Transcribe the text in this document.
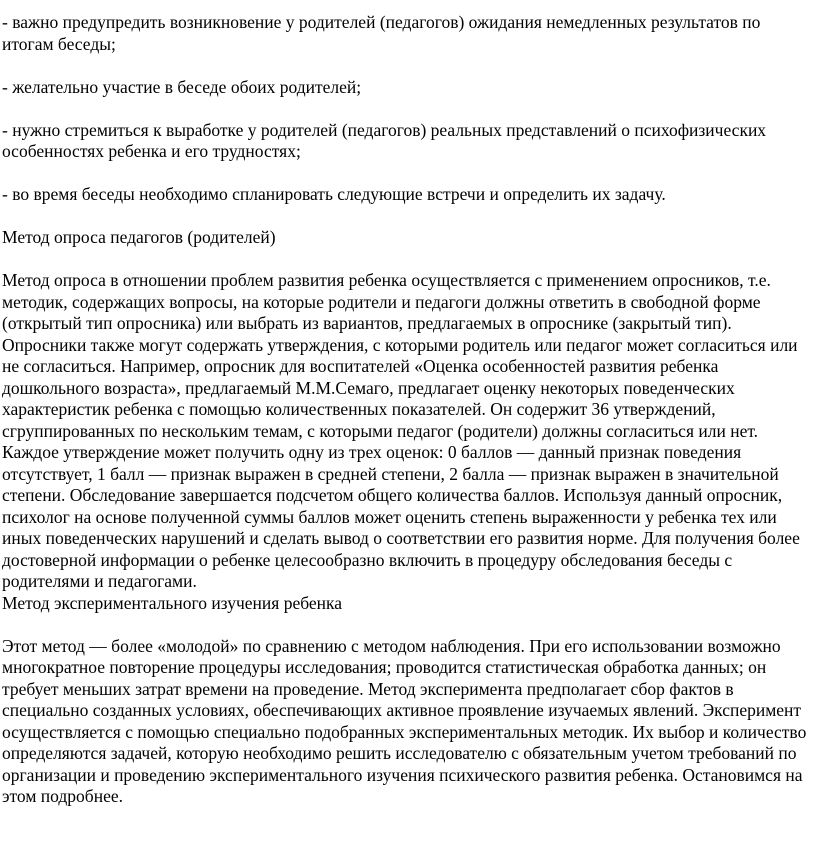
- важно предупредить возникновение у родителей (педагогов) ожидания немедленных результатов по итогам беседы;

- желательно участие в беседе обоих родителей;

- нужно стремиться к выработке у родителей (педагогов) реальных представлений о психофизических особенностях ребенка и его трудностях;

- во время беседы необходимо спланировать следующие встречи и определить их задачу.

Метод опроса педагогов (родителей)

Метод опроса в отношении проблем развития ребенка осуществляется с применением опросников, т.е. методик, содержащих вопросы, на которые родители и педагоги должны ответить в свободной форме (открытый тип опросника) или выбрать из вариантов, предлагаемых в опроснике (закрытый тип). Опросники также могут содержать утверждения, с которыми родитель или педагог может согласиться или не согласиться. Например, опросник для воспитателей «Оценка особенностей развития ребенка дошкольного возраста», предлагаемый М.М.Семаго, предлагает оценку некоторых поведенческих характеристик ребенка с помощью количественных показателей. Он содержит 36 утверждений, сгруппированных по нескольким темам, с которыми педагог (родители) должны согласиться или нет. Каждое утверждение может получить одну из трех оценок: 0 баллов — данный признак поведения отсутствует, 1 балл — признак выражен в средней степени, 2 балла — признак выражен в значительной степени. Обследование завершается подсчетом общего количества баллов. Используя данный опросник, психолог на основе полученной суммы баллов может оценить степень выраженности у ребенка тех или иных поведенческих нарушений и сделать вывод о соответствии его развития норме. Для получения более достоверной информации о ребенке целесообразно включить в процедуру обследования беседы с родителями и педагогами.

Метод экспериментального изучения ребенка

Этот метод — более «молодой» по сравнению с методом наблюдения. При его использовании возможно многократное повторение процедуры исследования; проводится статистическая обработка данных; он требует меньших затрат времени на проведение. Метод эксперимента предполагает сбор фактов в специально созданных условиях, обеспечивающих активное проявление изучаемых явлений. Эксперимент осуществляется с помощью специально подобранных экспериментальных методик. Их выбор и количество определяются задачей, которую необходимо решить исследователю с обязательным учетом требований по организации и проведению экспериментального изучения психического развития ребенка. Остановимся на этом подробнее.
